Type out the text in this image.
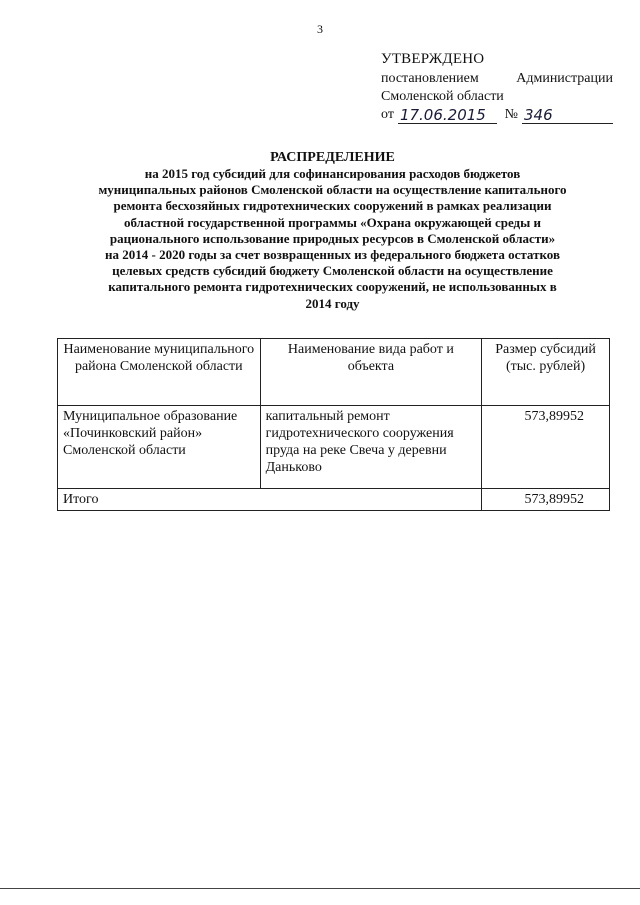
3
УТВЕРЖДЕНО
постановлением	Администрации
Смоленской области
от 17.06.2015	№ 346
РАСПРЕДЕЛЕНИЕ
на 2015 год субсидий для софинансирования расходов бюджетов
муниципальных районов Смоленской области на осуществление капитального
ремонта бесхозяйных гидротехнических сооружений в рамках реализации
областной государственной программы «Охрана окружающей среды и
рационального использование природных ресурсов в Смоленской области»
на 2014 - 2020 годы за счет возвращенных из федерального бюджета остатков
целевых средств субсидий бюджету Смоленской области на осуществление
капитального ремонта гидротехнических сооружений, не использованных в
2014 году
Наименование муниципального района Смоленской области	Наименование вида работ и объекта	Размер субсидий (тыс. рублей)
Муниципальное образование «Починковский район» Смоленской области	капитальный ремонт гидротехнического сооружения пруда на реке Свеча у деревни Даньково	573,89952
Итого		573,89952
